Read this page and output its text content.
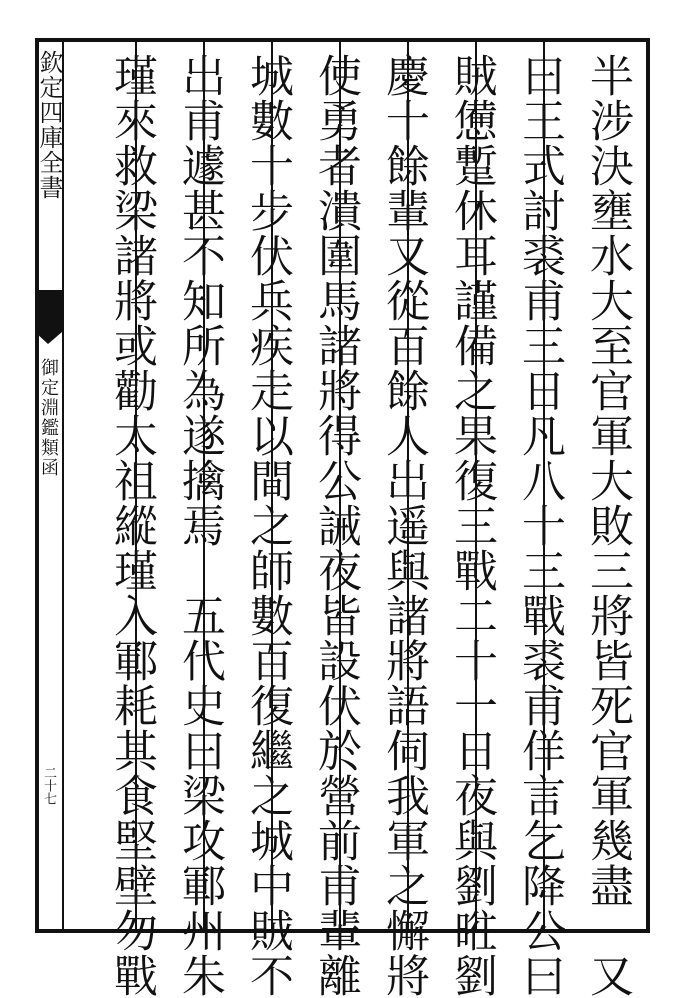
欽定四庫全書
御定淵鑑類函
二十七	半涉決壅水大至官軍大敗三將皆死官軍幾盡　又
曰王式討裘甫三日凡八十三戰裘甫佯言乞降公曰
賊憊蹔休耳謹備之果復三戰二十一日夜與劉暀劉
慶十餘輩又從百餘人出遥與諸將語伺我軍之懈將
使勇者潰圍馬諸將得公誡夜皆設伏於營前甫輩離
城數十步伏兵疾走以間之師數百復繼之城中賊不
出甫遽甚不知所為遂擒焉　五代史曰梁攻鄆州朱
瑾來救梁諸將或勸太祖縱瑾入鄆耗其食堅壁勿戰
